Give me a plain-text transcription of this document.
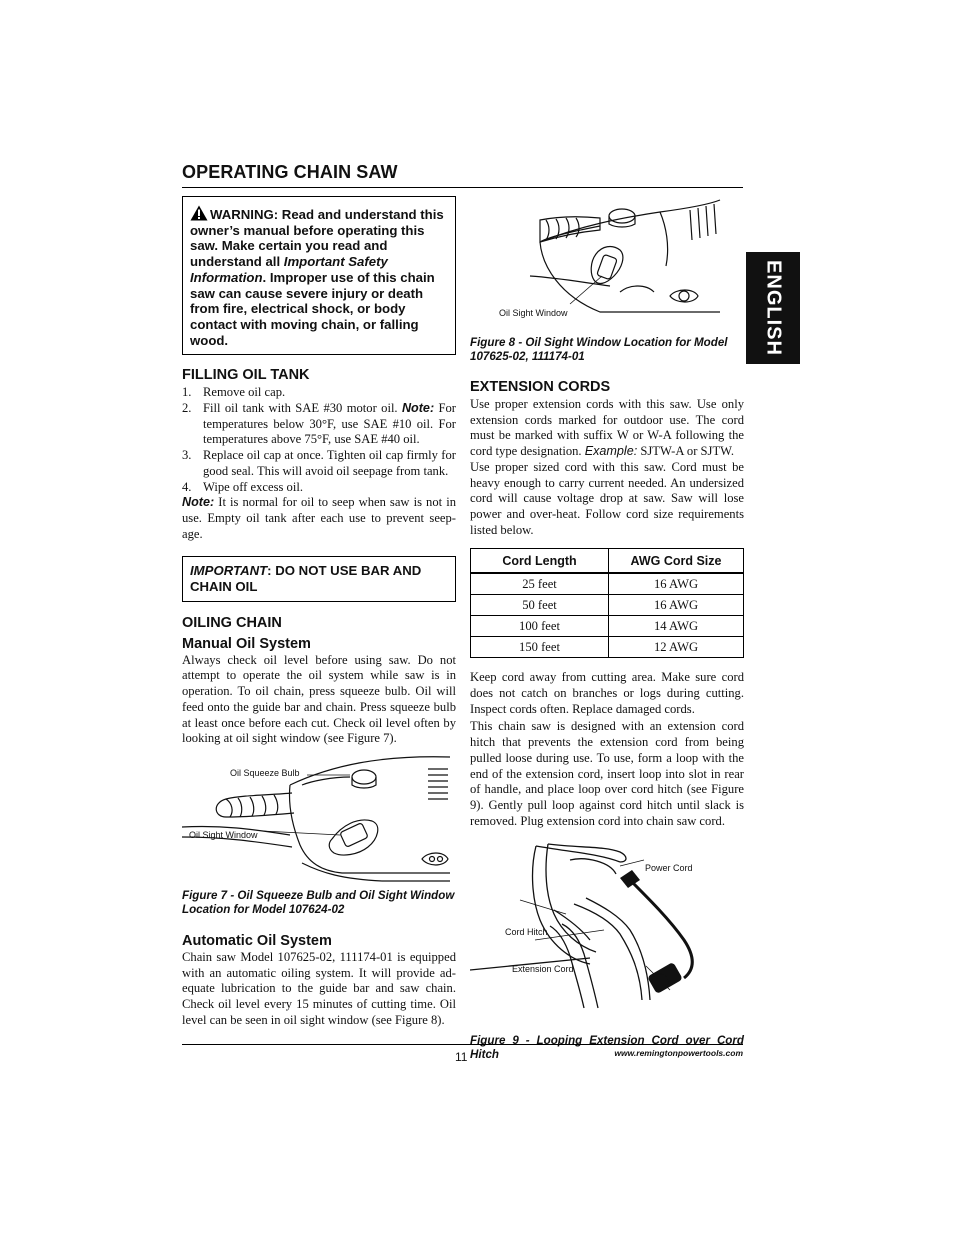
OPERATING CHAIN SAW
ENGLISH
WARNING: Read and understand this owner’s manual before operating this saw. Make certain you read and understand all Important Safety Information. Improper use of this chain saw can cause severe injury or death from fire, electrical shock, or body contact with moving chain, or falling wood.
FILLING OIL TANK
1. Remove oil cap.
2. Fill oil tank with SAE #30 motor oil. Note: For temperatures below 30°F, use SAE #10 oil. For temperatures above 75°F, use SAE #40 oil.
3. Replace oil cap at once. Tighten oil cap firmly for good seal. This will avoid oil seepage from tank.
4. Wipe off excess oil.
Note: It is normal for oil to seep when saw is not in use. Empty oil tank after each use to prevent seep-age.
IMPORTANT: DO NOT USE BAR AND CHAIN OIL
OILING CHAIN
Manual Oil System
Always check oil level before using saw. Do not attempt to operate the oil system while saw is in operation. To oil chain, press squeeze bulb. Oil will feed onto the guide bar and chain. Press squeeze bulb at least once before each cut. Check oil level often by looking at oil sight window (see Figure 7).
Oil Squeeze Bulb
Oil Sight Window
Figure 7 - Oil Squeeze Bulb and Oil Sight Window Location for Model 107624-02
Automatic Oil System
Chain saw Model 107625-02, 111174-01 is equipped with an automatic oiling system. It will provide ad-equate lubrication to the guide bar and saw chain. Check oil level every 15 minutes of cutting time. Oil level can be seen in oil sight window (see Figure 8).
Oil Sight Window
Figure 8 - Oil Sight Window Location for Model 107625-02, 111174-01
EXTENSION CORDS
Use proper extension cords with this saw. Use only extension cords marked for outdoor use. The cord must be marked with suffix W or W-A following the cord type designation. Example: SJTW-A or SJTW.
Use proper sized cord with this saw. Cord must be heavy enough to carry current needed. An undersized cord will cause voltage drop at saw. Saw will lose power and over-heat. Follow cord size requirements listed below.
Cord Length	AWG Cord Size
25 feet	16 AWG
50 feet	16 AWG
100 feet	14 AWG
150 feet	12 AWG
Keep cord away from cutting area. Make sure cord does not catch on branches or logs during cutting. Inspect cords often. Replace damaged cords.
This chain saw is designed with an extension cord hitch that prevents the extension cord from being pulled loose during use. To use, form a loop with the end of the extension cord, insert loop into slot in rear of handle, and place loop over cord hitch (see Figure 9). Gently pull loop against cord hitch until slack is removed. Plug extension cord into chain saw cord.
Power Cord
Cord Hitch
Extension Cord
Figure 9 - Looping Extension Cord over Cord Hitch
11	www.remingtonpowertools.com
